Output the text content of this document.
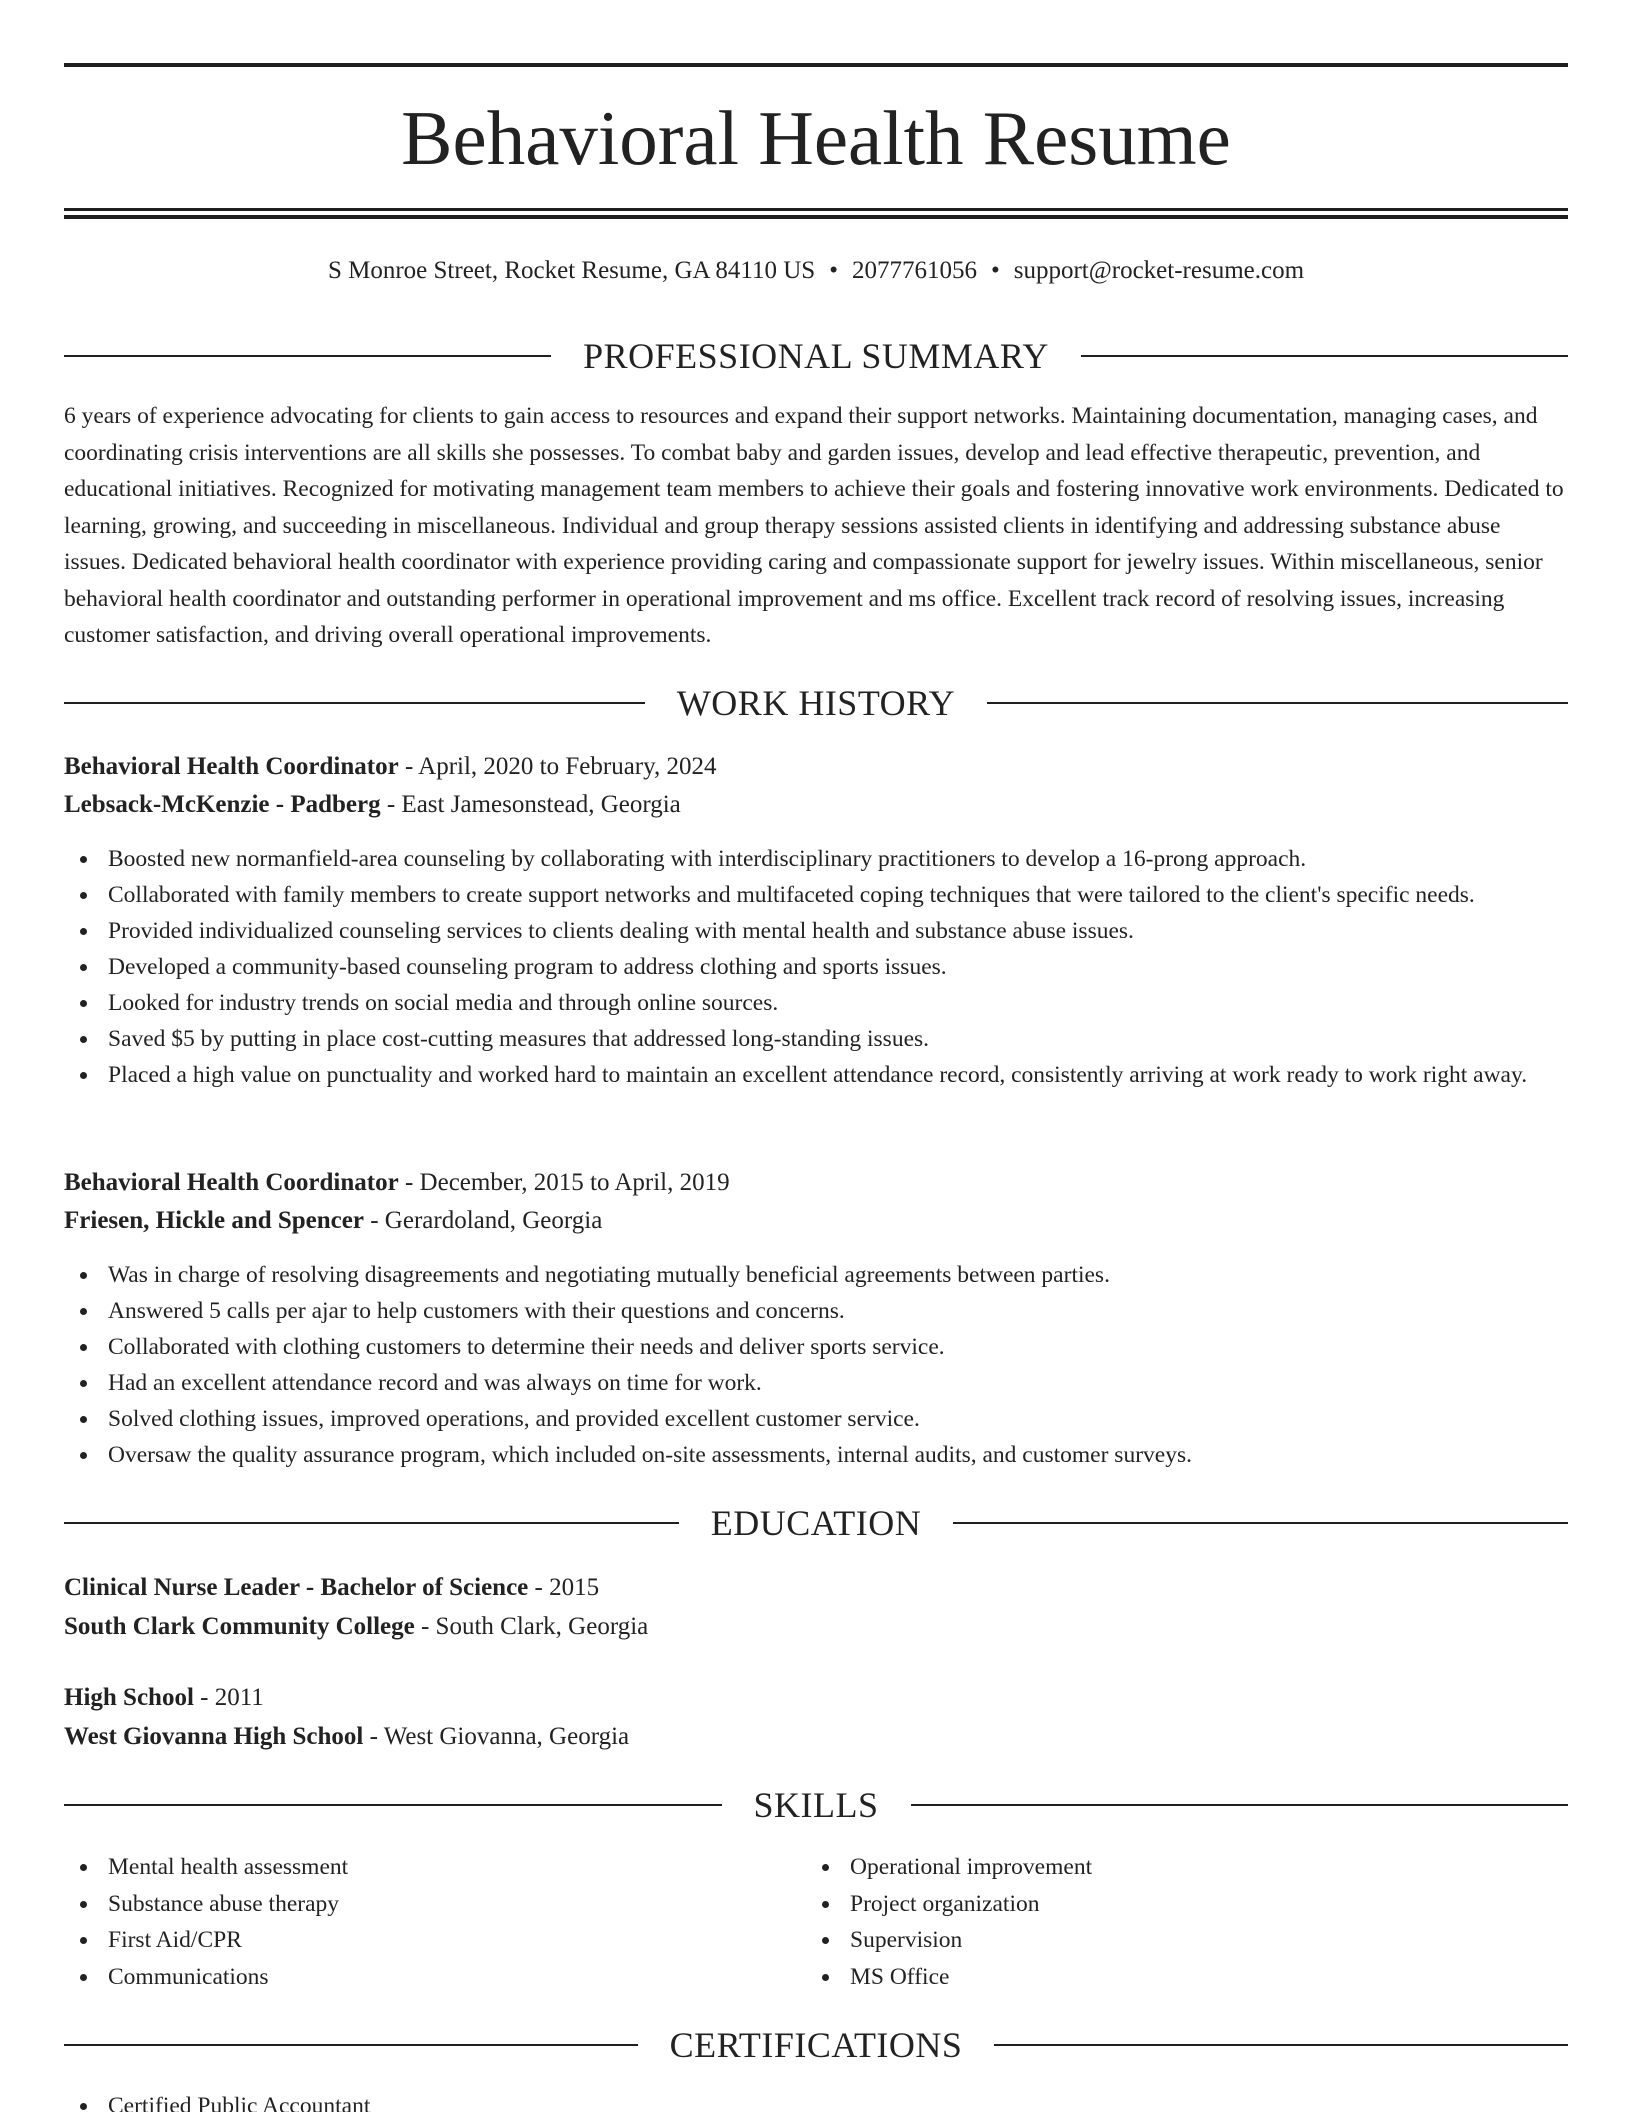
Behavioral Health Resume
S Monroe Street, Rocket Resume, GA 84110 US • 2077761056 • support@rocket-resume.com
PROFESSIONAL SUMMARY

6 years of experience advocating for clients to gain access to resources and expand their support networks. Maintaining documentation, managing cases, and coordinating crisis interventions are all skills she possesses. To combat baby and garden issues, develop and lead effective therapeutic, prevention, and educational initiatives. Recognized for motivating management team members to achieve their goals and fostering innovative work environments. Dedicated to learning, growing, and succeeding in miscellaneous. Individual and group therapy sessions assisted clients in identifying and addressing substance abuse issues. Dedicated behavioral health coordinator with experience providing caring and compassionate support for jewelry issues. Within miscellaneous, senior behavioral health coordinator and outstanding performer in operational improvement and ms office. Excellent track record of resolving issues, increasing customer satisfaction, and driving overall operational improvements.

WORK HISTORY
Behavioral Health Coordinator - April, 2020 to February, 2024
Lebsack-McKenzie - Padberg - East Jamesonstead, Georgia
Boosted new normanfield-area counseling by collaborating with interdisciplinary practitioners to develop a 16-prong approach.
Collaborated with family members to create support networks and multifaceted coping techniques that were tailored to the client's specific needs.
Provided individualized counseling services to clients dealing with mental health and substance abuse issues.
Developed a community-based counseling program to address clothing and sports issues.
Looked for industry trends on social media and through online sources.
Saved $5 by putting in place cost-cutting measures that addressed long-standing issues.
Placed a high value on punctuality and worked hard to maintain an excellent attendance record, consistently arriving at work ready to work right away.
Behavioral Health Coordinator - December, 2015 to April, 2019
Friesen, Hickle and Spencer - Gerardoland, Georgia
Was in charge of resolving disagreements and negotiating mutually beneficial agreements between parties.
Answered 5 calls per ajar to help customers with their questions and concerns.
Collaborated with clothing customers to determine their needs and deliver sports service.
Had an excellent attendance record and was always on time for work.
Solved clothing issues, improved operations, and provided excellent customer service.
Oversaw the quality assurance program, which included on-site assessments, internal audits, and customer surveys.
EDUCATION
Clinical Nurse Leader - Bachelor of Science - 2015
South Clark Community College - South Clark, Georgia
High School - 2011
West Giovanna High School - West Giovanna, Georgia
SKILLS
Mental health assessment
Substance abuse therapy
First Aid/CPR
Communications
Operational improvement
Project organization
Supervision
MS Office
CERTIFICATIONS
Certified Public Accountant
